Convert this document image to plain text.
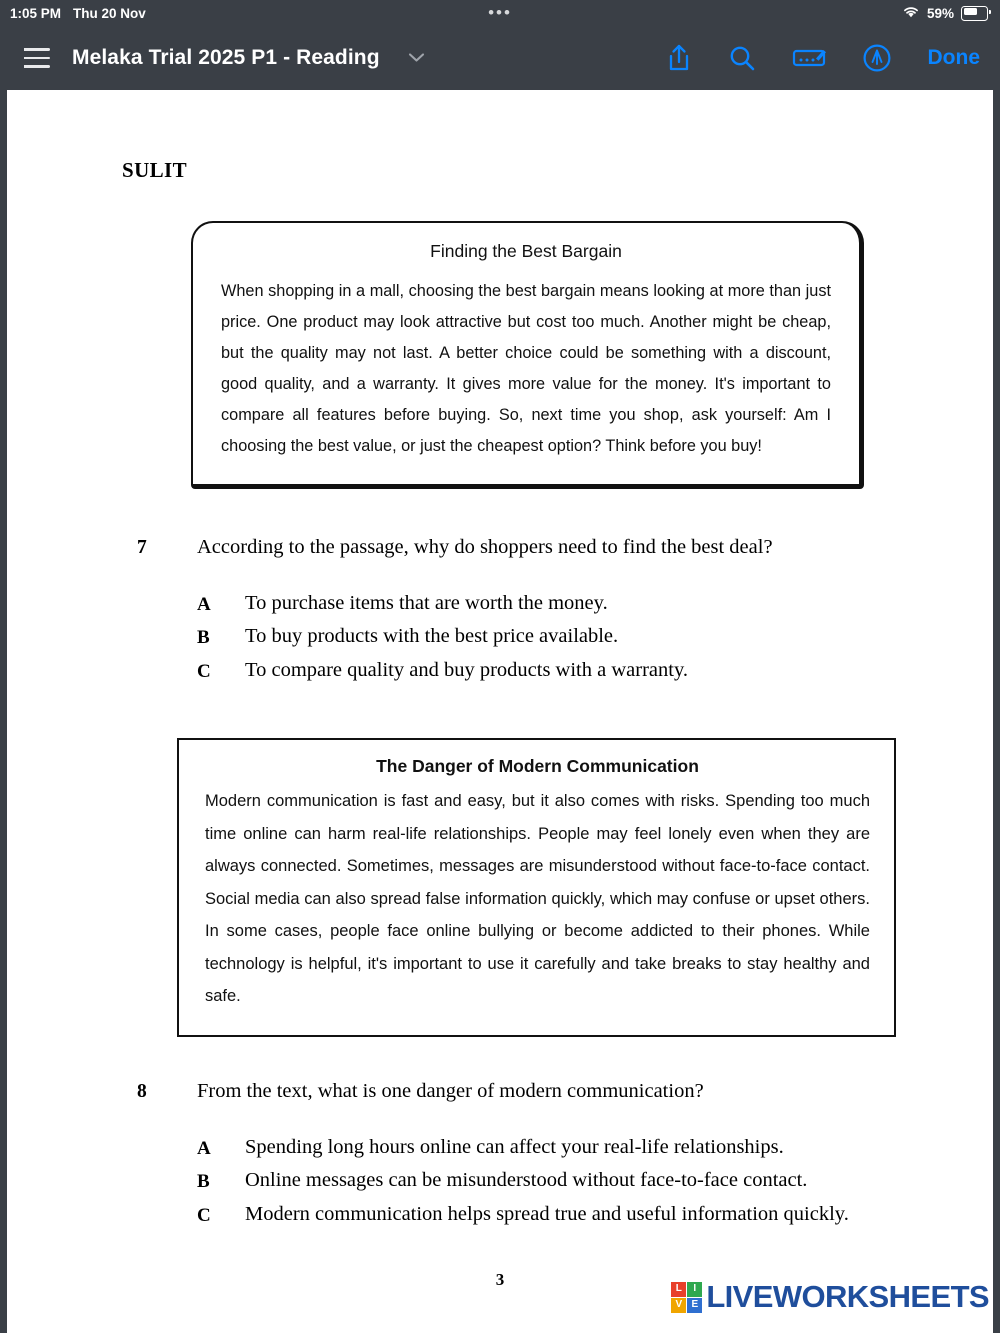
1:05 PM Thu 20 Nov	•••	59%
Melaka Trial 2025 P1 - Reading	Done
SULIT
Finding the Best Bargain
When shopping in a mall, choosing the best bargain means looking at more than just price. One product may look attractive but cost too much. Another might be cheap, but the quality may not last. A better choice could be something with a discount, good quality, and a warranty. It gives more value for the money. It's important to compare all features before buying. So, next time you shop, ask yourself: Am I choosing the best value, or just the cheapest option? Think before you buy!
7 According to the passage, why do shoppers need to find the best deal?
A To purchase items that are worth the money.
B To buy products with the best price available.
C To compare quality and buy products with a warranty.
The Danger of Modern Communication
Modern communication is fast and easy, but it also comes with risks. Spending too much time online can harm real-life relationships. People may feel lonely even when they are always connected. Sometimes, messages are misunderstood without face-to-face contact. Social media can also spread false information quickly, which may confuse or upset others. In some cases, people face online bullying or become addicted to their phones. While technology is helpful, it's important to use it carefully and take breaks to stay healthy and safe.
8 From the text, what is one danger of modern communication?
A Spending long hours online can affect your real-life relationships.
B Online messages can be misunderstood without face-to-face contact.
C Modern communication helps spread true and useful information quickly.
3	L	I
V E LIVEWORKSHEETS
